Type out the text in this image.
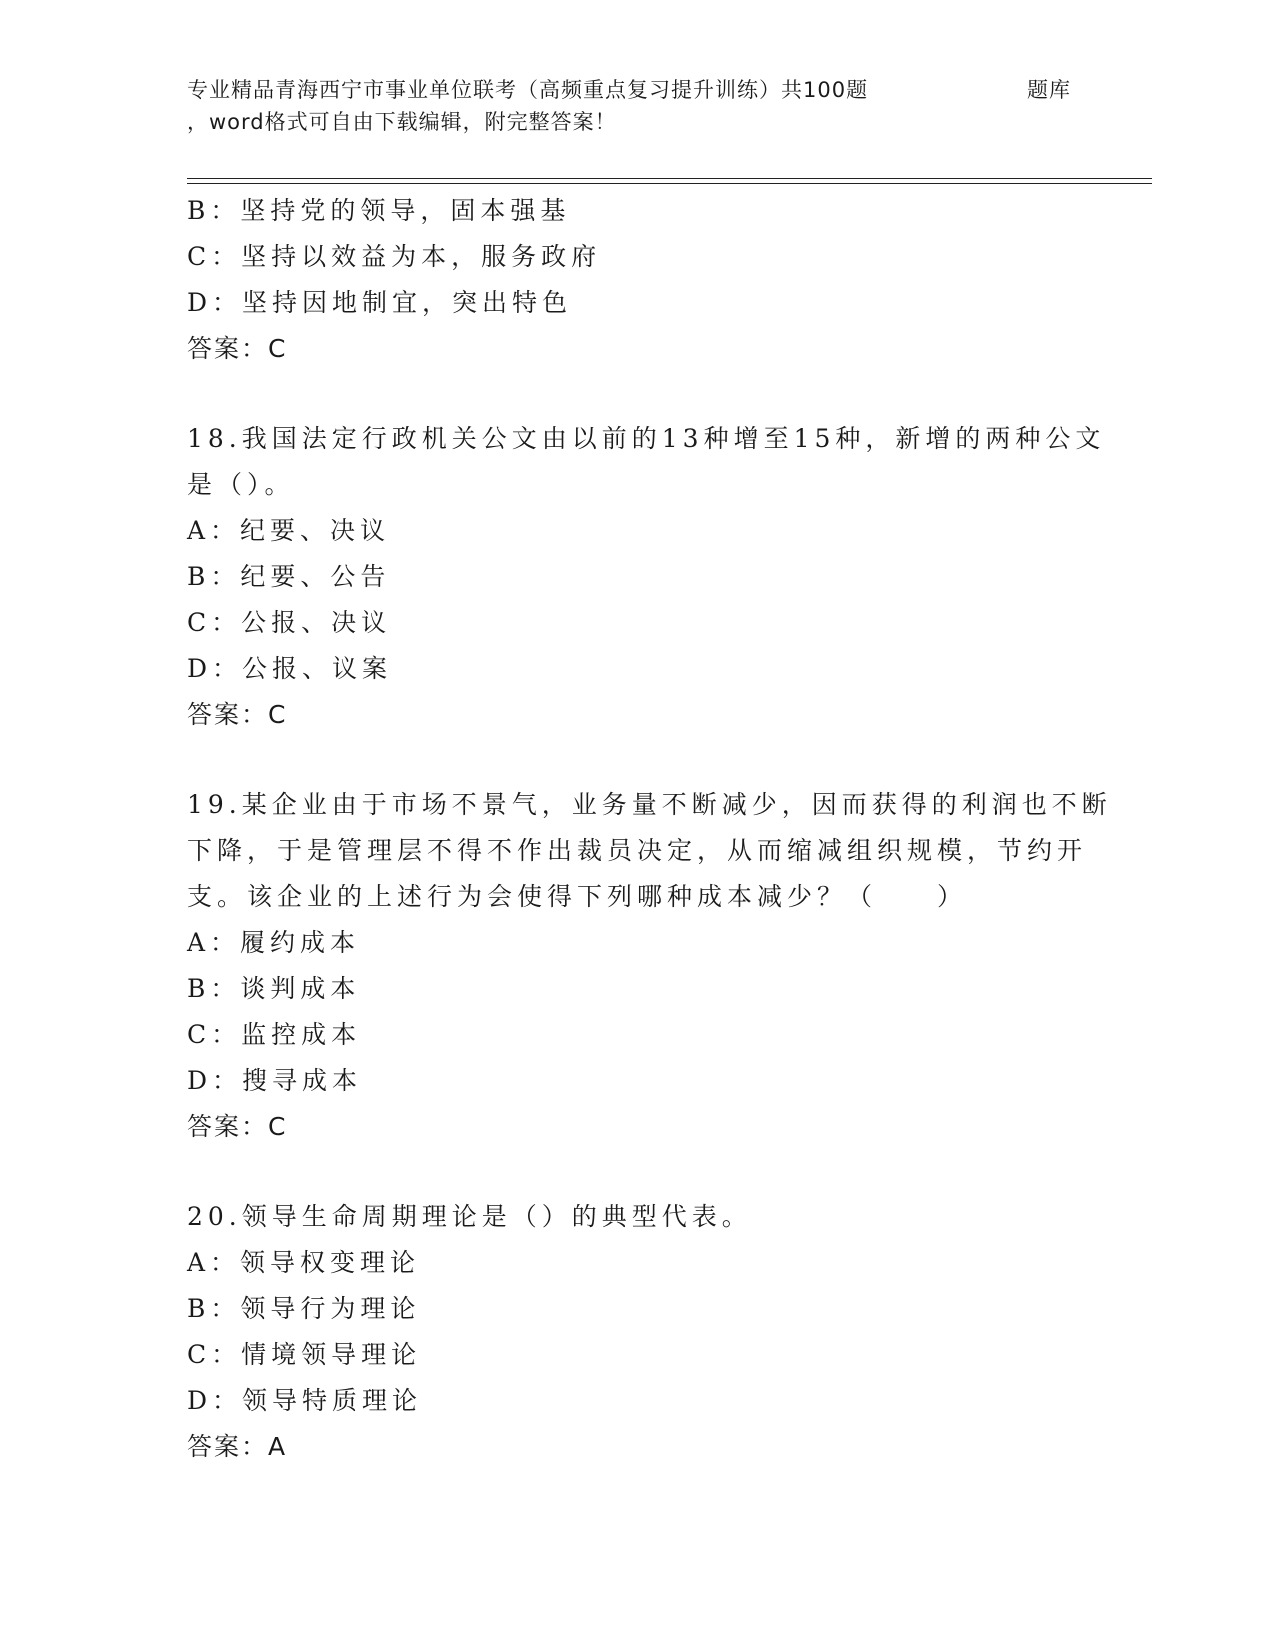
专业精品青海西宁市事业单位联考（高频重点复习提升训练）共100题	题库
，word格式可自由下载编辑，附完整答案！
B：坚持党的领导，固本强基
C：坚持以效益为本，服务政府
D：坚持因地制宜，突出特色
答案：C
18.我国法定行政机关公文由以前的13种增至15种，新增的两种公文
是（）。
A：纪要、决议
B：纪要、公告
C：公报、决议
D：公报、议案
答案：C
19.某企业由于市场不景气，业务量不断减少，因而获得的利润也不断
下降，于是管理层不得不作出裁员决定，从而缩减组织规模，节约开
支。该企业的上述行为会使得下列哪种成本减少？（　　）
A：履约成本
B：谈判成本
C：监控成本
D：搜寻成本
答案：C
20.领导生命周期理论是（）的典型代表。
A：领导权变理论
B：领导行为理论
C：情境领导理论
D：领导特质理论
答案：A
